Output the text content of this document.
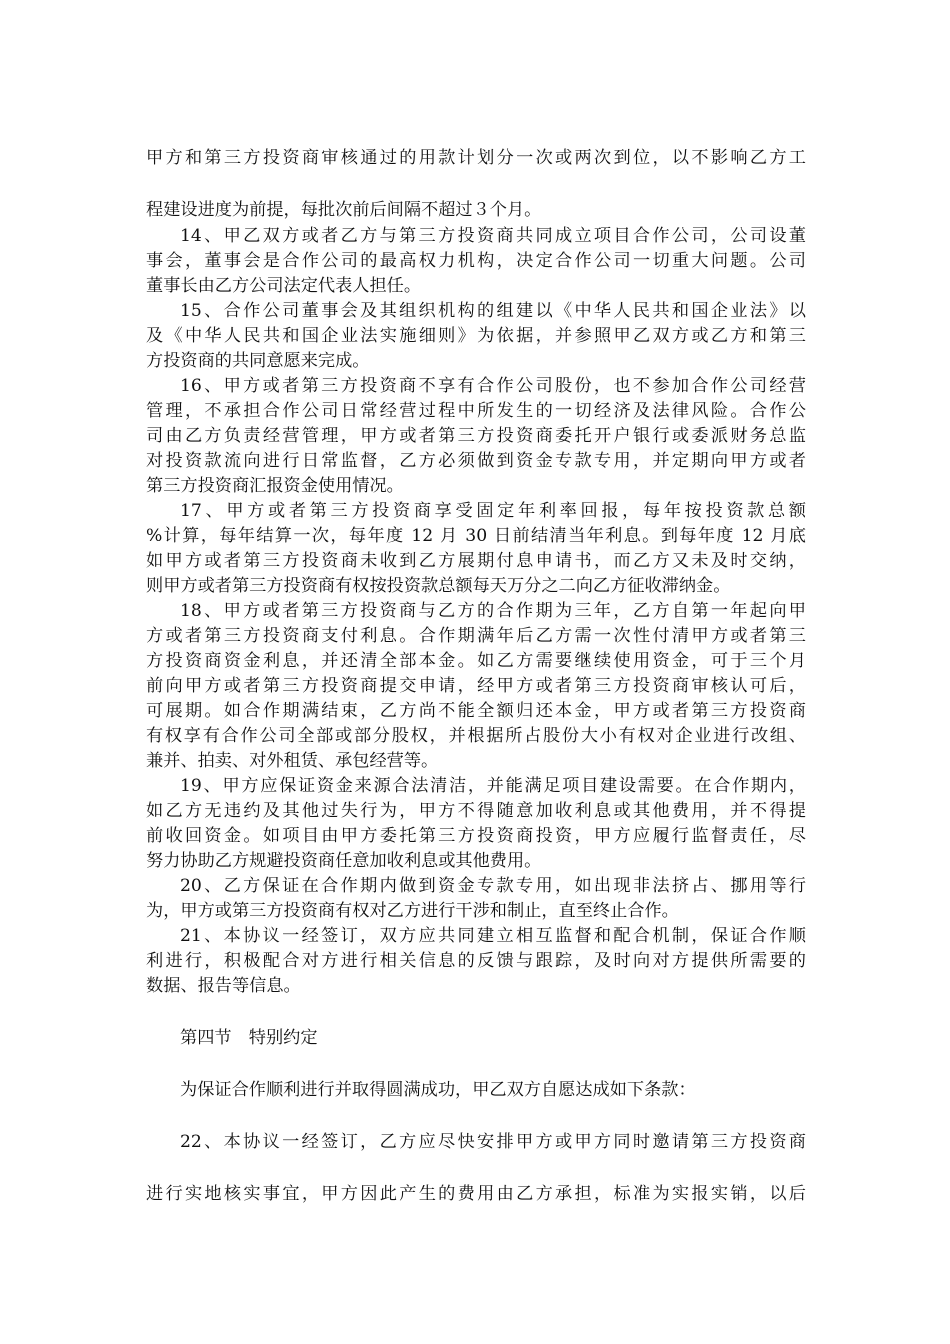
甲方和第三方投资商审核通过的用款计划分一次或两次到位，以不影响乙方工
程建设进度为前提，每批次前后间隔不超过３个月。
14、甲乙双方或者乙方与第三方投资商共同成立项目合作公司，公司设董
事会，董事会是合作公司的最高权力机构，决定合作公司一切重大问题。公司
董事长由乙方公司法定代表人担任。
15、合作公司董事会及其组织机构的组建以《中华人民共和国企业法》以
及《中华人民共和国企业法实施细则》为依据，并参照甲乙双方或乙方和第三
方投资商的共同意愿来完成。
16、甲方或者第三方投资商不享有合作公司股份，也不参加合作公司经营
管理，不承担合作公司日常经营过程中所发生的一切经济及法律风险。合作公
司由乙方负责经营管理，甲方或者第三方投资商委托开户银行或委派财务总监
对投资款流向进行日常监督，乙方必须做到资金专款专用，并定期向甲方或者
第三方投资商汇报资金使用情况。
17、甲方或者第三方投资商享受固定年利率回报，每年按投资款总额
%计算，每年结算一次，每年度 12 月 30 日前结清当年利息。到每年度 12 月底
如甲方或者第三方投资商未收到乙方展期付息申请书，而乙方又未及时交纳，
则甲方或者第三方投资商有权按投资款总额每天万分之二向乙方征收滞纳金。
18、甲方或者第三方投资商与乙方的合作期为三年，乙方自第一年起向甲
方或者第三方投资商支付利息。合作期满年后乙方需一次性付清甲方或者第三
方投资商资金利息，并还清全部本金。如乙方需要继续使用资金，可于三个月
前向甲方或者第三方投资商提交申请，经甲方或者第三方投资商审核认可后，
可展期。如合作期满结束，乙方尚不能全额归还本金，甲方或者第三方投资商
有权享有合作公司全部或部分股权，并根据所占股份大小有权对企业进行改组、
兼并、拍卖、对外租赁、承包经营等。
19、甲方应保证资金来源合法清洁，并能满足项目建设需要。在合作期内，
如乙方无违约及其他过失行为，甲方不得随意加收利息或其他费用，并不得提
前收回资金。如项目由甲方委托第三方投资商投资，甲方应履行监督责任，尽
努力协助乙方规避投资商任意加收利息或其他费用。
20、乙方保证在合作期内做到资金专款专用，如出现非法挤占、挪用等行
为，甲方或第三方投资商有权对乙方进行干涉和制止，直至终止合作。
21、本协议一经签订，双方应共同建立相互监督和配合机制，保证合作顺
利进行，积极配合对方进行相关信息的反馈与跟踪，及时向对方提供所需要的
数据、报告等信息。
第四节　特别约定
为保证合作顺利进行并取得圆满成功，甲乙双方自愿达成如下条款：
22、本协议一经签订，乙方应尽快安排甲方或甲方同时邀请第三方投资商
进行实地核实事宜，甲方因此产生的费用由乙方承担，标准为实报实销，以后
